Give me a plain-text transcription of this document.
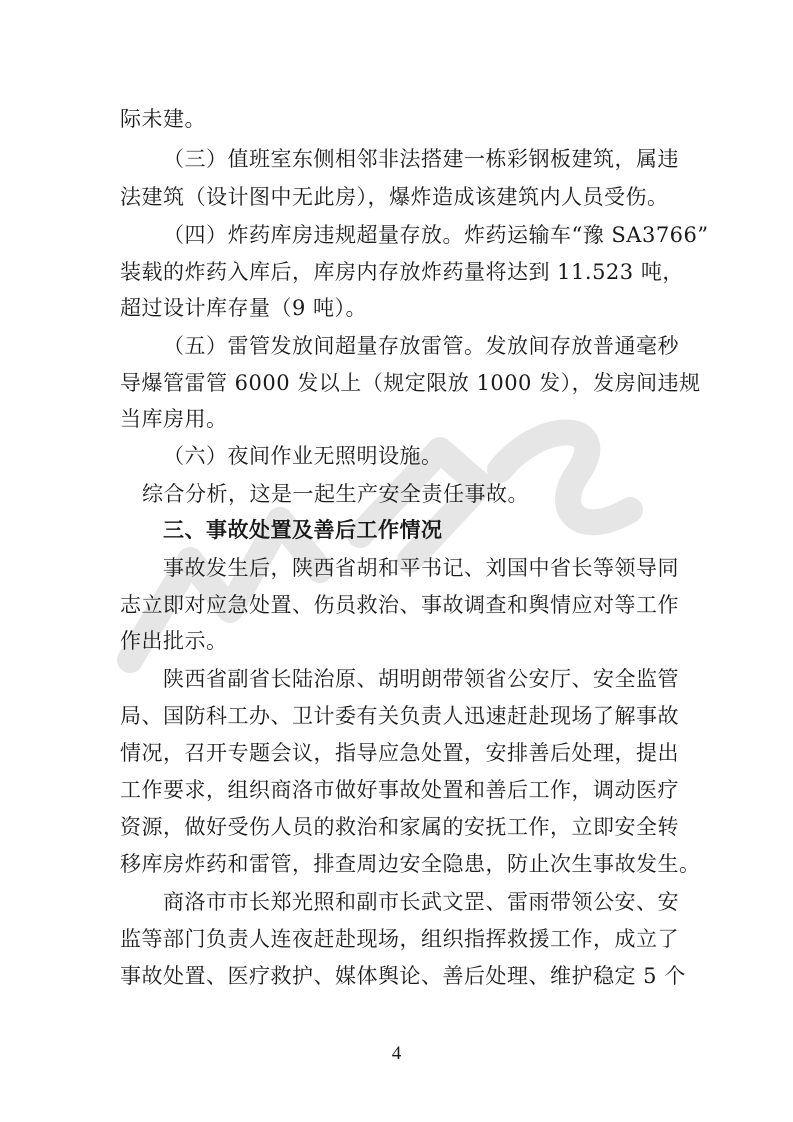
际未建。
（三）值班室东侧相邻非法搭建一栋彩钢板建筑，属违
法建筑（设计图中无此房），爆炸造成该建筑内人员受伤。
（四）炸药库房违规超量存放。炸药运输车“豫 SA3766”
装载的炸药入库后，库房内存放炸药量将达到 11.523 吨，
超过设计库存量（9 吨）。
（五）雷管发放间超量存放雷管。发放间存放普通毫秒
导爆管雷管 6000 发以上（规定限放 1000 发），发房间违规
当库房用。
（六）夜间作业无照明设施。
综合分析，这是一起生产安全责任事故。
三、事故处置及善后工作情况
事故发生后，陕西省胡和平书记、刘国中省长等领导同
志立即对应急处置、伤员救治、事故调查和舆情应对等工作
作出批示。
陕西省副省长陆治原、胡明朗带领省公安厅、安全监管
局、国防科工办、卫计委有关负责人迅速赶赴现场了解事故
情况，召开专题会议，指导应急处置，安排善后处理，提出
工作要求，组织商洛市做好事故处置和善后工作，调动医疗
资源，做好受伤人员的救治和家属的安抚工作，立即安全转
移库房炸药和雷管，排查周边安全隐患，防止次生事故发生。
商洛市市长郑光照和副市长武文罡、雷雨带领公安、安
监等部门负责人连夜赶赴现场，组织指挥救援工作，成立了
事故处置、医疗救护、媒体舆论、善后处理、维护稳定 5 个
4
